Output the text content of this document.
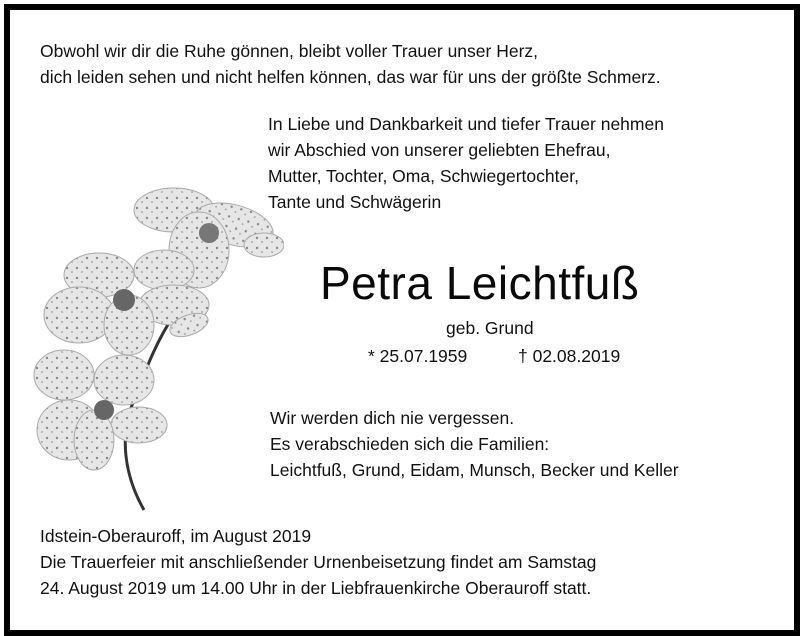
Obwohl wir dir die Ruhe gönnen, bleibt voller Trauer unser Herz,
dich leiden sehen und nicht helfen können, das war für uns der größte Schmerz.
In Liebe und Dankbarkeit und tiefer Trauer nehmen
wir Abschied von unserer geliebten Ehefrau,
Mutter, Tochter, Oma, Schwiegertochter,
Tante und Schwägerin
Petra Leichtfuß
geb. Grund
* 25.07.1959	† 02.08.2019
Wir werden dich nie vergessen.
Es verabschieden sich die Familien:
Leichtfuß, Grund, Eidam, Munsch, Becker und Keller
Idstein-Oberauroff, im August 2019
Die Trauerfeier mit anschließender Urnenbeisetzung findet am Samstag
24. August 2019 um 14.00 Uhr in der Liebfrauenkirche Oberauroff statt.
